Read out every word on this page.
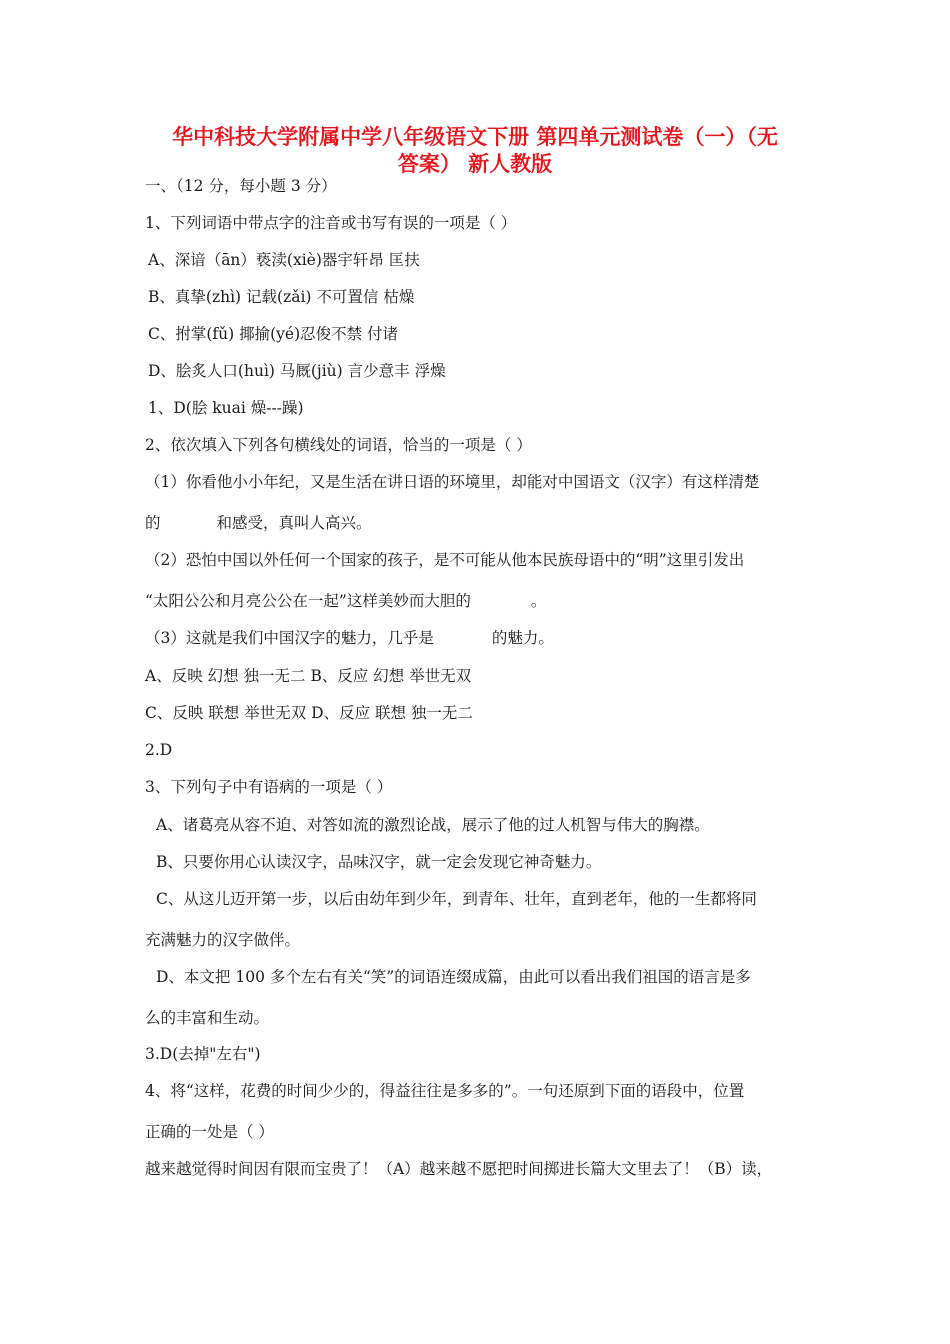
华中科技大学附属中学八年级语文下册 第四单元测试卷（一）（无
答案） 新人教版
一、（12 分，每小题 3 分）
1、下列词语中带点字的注音或书写有误的一项是（ ）
A、深谙（ān）亵渎(xiè)器宇轩昂 匡扶
B、真挚(zhì) 记载(zǎi) 不可置信 枯燥
C、拊掌(fǔ) 揶揄(yé)忍俊不禁 付诸
D、脍炙人口(huì) 马厩(jiù) 言少意丰 浮燥
1、D(脍 kuai 燥---躁)
2、依次填入下列各句横线处的词语，恰当的一项是（ ）
（1）你看他小小年纪，又是生活在讲日语的环境里，却能对中国语文（汉字）有这样清楚
的	和感受，真叫人高兴。
（2）恐怕中国以外任何一个国家的孩子，是不可能从他本民族母语中的“明”这里引发出
“太阳公公和月亮公公在一起”这样美妙而大胆的	。
（3）这就是我们中国汉字的魅力，几乎是	的魅力。
A、反映 幻想 独一无二 B、反应 幻想 举世无双
C、反映 联想 举世无双 D、反应 联想 独一无二
2.D
3、下列句子中有语病的一项是（ ）
A、诸葛亮从容不迫、对答如流的激烈论战，展示了他的过人机智与伟大的胸襟。
B、只要你用心认读汉字，品味汉字，就一定会发现它神奇魅力。
C、从这儿迈开第一步，以后由幼年到少年，到青年、壮年，直到老年，他的一生都将同
充满魅力的汉字做伴。
D、本文把 100 多个左右有关“笑”的词语连缀成篇，由此可以看出我们祖国的语言是多
么的丰富和生动。
3.D(去掉"左右")
4、将“这样，花费的时间少少的，得益往往是多多的”。一句还原到下面的语段中，位置
正确的一处是（ ）
越来越觉得时间因有限而宝贵了！（A）越来越不愿把时间掷进长篇大文里去了！（B）读，
